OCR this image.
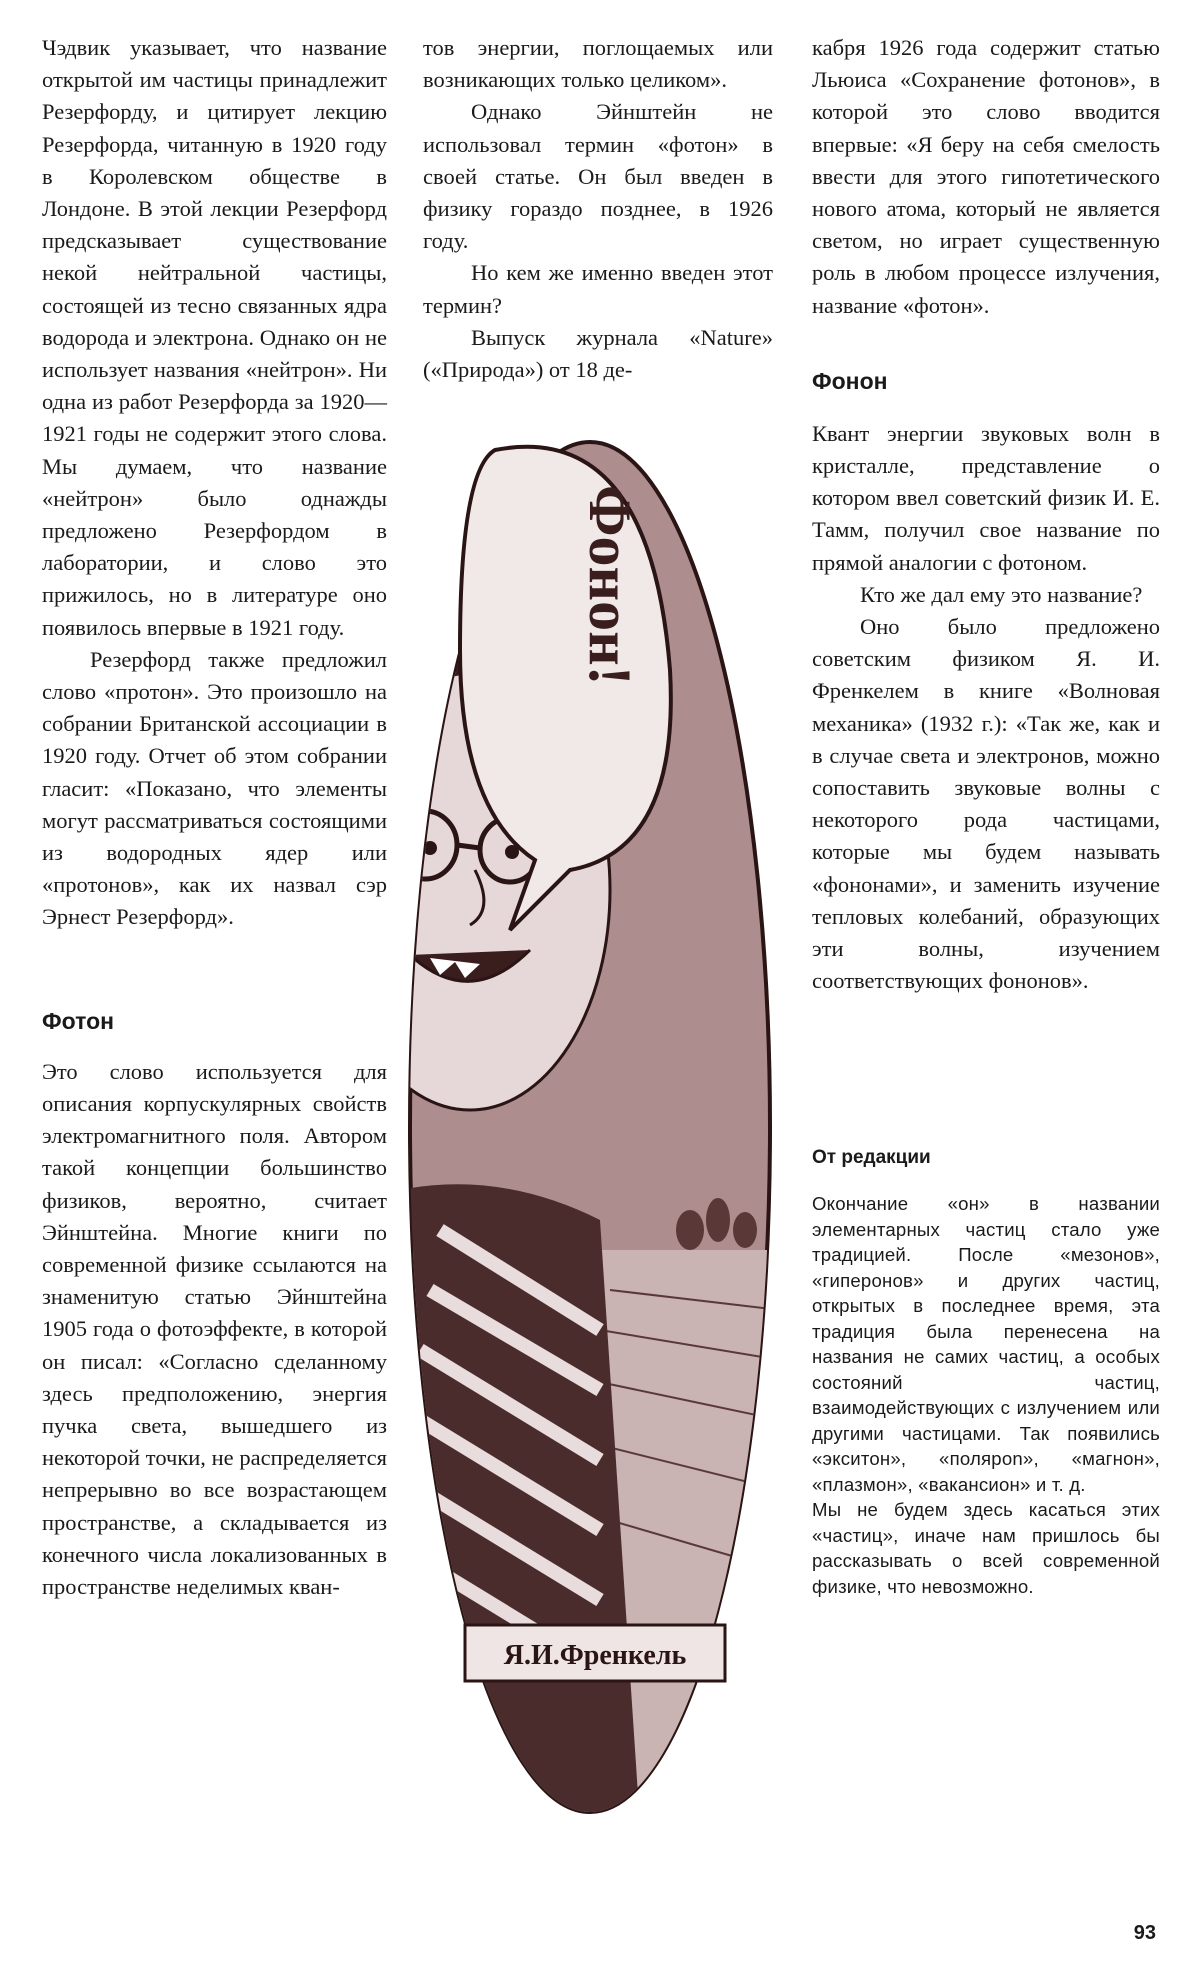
Чэдвик указывает, что название открытой им частицы принадлежит Резерфорду, и цитирует лекцию Резерфорда, читанную в 1920 году в Королевском обществе в Лондоне. В этой лекции Резерфорд предсказывает существование некой нейтральной частицы, состоящей из тесно связанных ядра водорода и электрона. Однако он не использует названия «нейтрон». Ни одна из работ Резерфорда за 1920—1921 годы не содержит этого слова. Мы думаем, что название «нейтрон» было однажды предложено Резерфордом в лаборатории, и слово это прижилось, но в литературе оно появилось впервые в 1921 году.

Резерфорд также предложил слово «протон». Это произошло на собрании Британской ассоциации в 1920 году. Отчет об этом собрании гласит: «Показано, что элементы могут рассматриваться состоящими из водородных ядер или «протонов», как их назвал сэр Эрнест Резерфорд».

Фотон

Это слово используется для описания корпускулярных свойств электромагнитного поля. Автором такой концепции большинство физиков, вероятно, считает Эйнштейна. Многие книги по современной физике ссылаются на знаменитую статью Эйнштейна 1905 года о фотоэффекте, в которой он писал: «Согласно сделанному здесь предположению, энергия пучка света, вышедшего из некоторой точки, не распределяется непрерывно во все возрастающем пространстве, а складывается из конечного числа локализованных в пространстве неделимых кван-

тов энергии, поглощаемых или возникающих только целиком».

Однако Эйнштейн не использовал термин «фотон» в своей статье. Он был введен в физику гораздо позднее, в 1926 году.

Но кем же именно введен этот термин?

Выпуск журнала «Nature» («Природа») от 18 де-

Фонон!
Я.И.Френкель

кабря 1926 года содержит статью Льюиса «Сохранение фотонов», в которой это слово вводится впервые: «Я беру на себя смелость ввести для этого гипотетического нового атома, который не является светом, но играет существенную роль в любом процессе излучения, название «фотон».

Фонон

Квант энергии звуковых волн в кристалле, представление о котором ввел советский физик И. Е. Тамм, получил свое название по прямой аналогии с фотоном.

Кто же дал ему это название?

Оно было предложено советским физиком Я. И. Френкелем в книге «Волновая механика» (1932 г.): «Так же, как и в случае света и электронов, можно сопоставить звуковые волны с некоторого рода частицами, которые мы будем называть «фононами», и заменить изучение тепловых колебаний, образующих эти волны, изучением соответствующих фононов».

От редакции

Окончание «он» в названии элементарных частиц стало уже традицией. После «мезонов», «гиперонов» и других частиц, открытых в последнее время, эта традиция была перенесена на названия не самих частиц, а особых состояний частиц, взаимодействующих с излучением или другими частицами. Так появились «экситон», «поляроn», «магнон», «плазмон», «вакансион» и т. д.

Мы не будем здесь касаться этих «частиц», иначе нам пришлось бы рассказывать о всей современной физике, что невозможно.

93
